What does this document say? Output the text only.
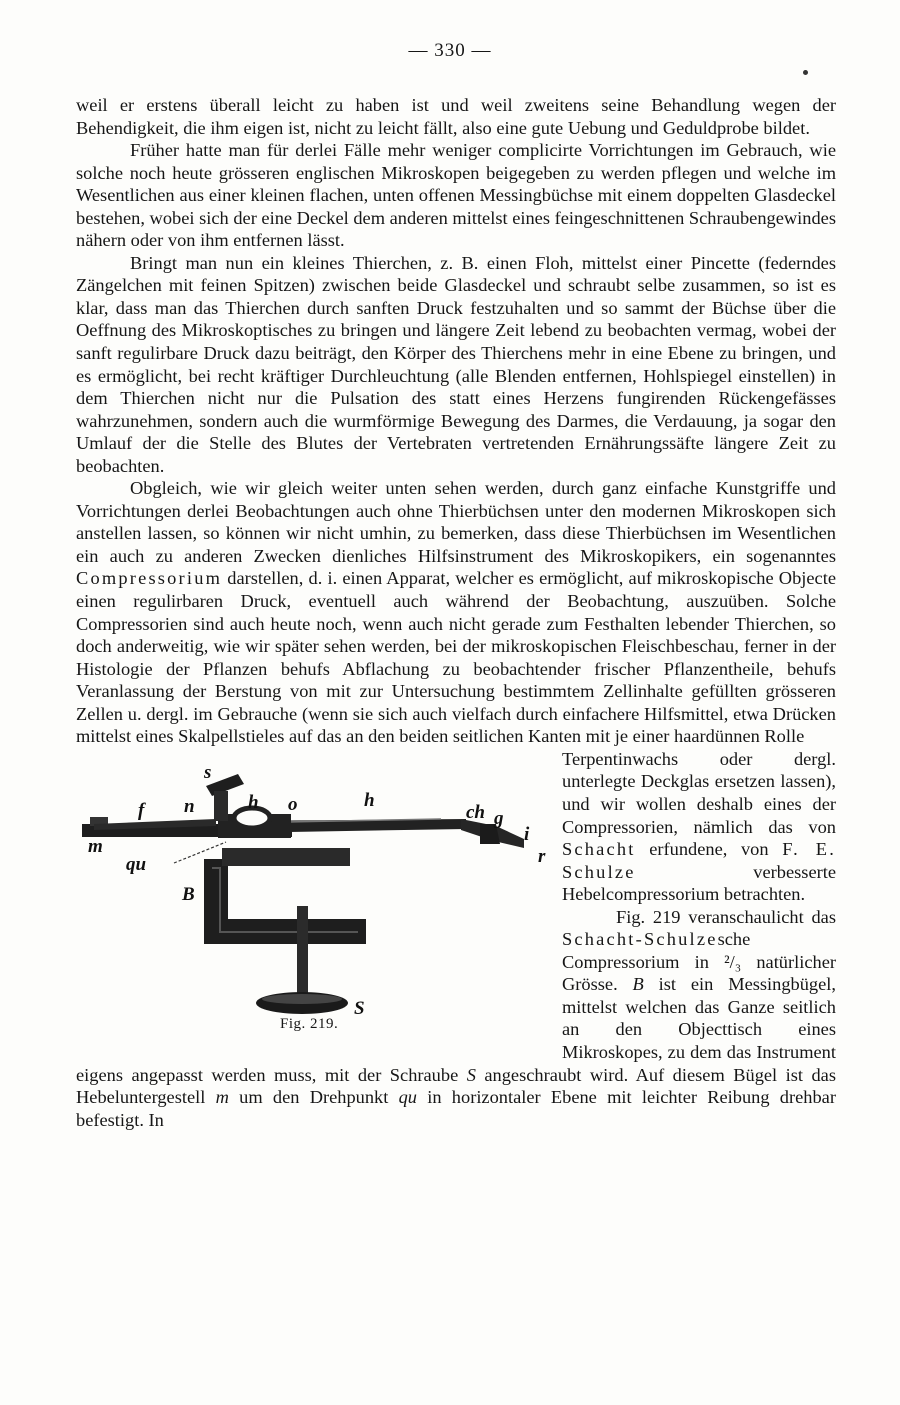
— 330 —

weil er erstens überall leicht zu haben ist und weil zweitens seine Behandlung wegen der Behendigkeit, die ihm eigen ist, nicht zu leicht fällt, also eine gute Uebung und Geduldprobe bildet.

Früher hatte man für derlei Fälle mehr weniger complicirte Vorrichtungen im Gebrauch, wie solche noch heute grösseren englischen Mikroskopen beigegeben zu werden pflegen und welche im Wesentlichen aus einer kleinen flachen, unten offenen Messingbüchse mit einem doppelten Glasdeckel bestehen, wobei sich der eine Deckel dem anderen mittelst eines feingeschnittenen Schraubengewindes nähern oder von ihm entfernen lässt.

Bringt man nun ein kleines Thierchen, z. B. einen Floh, mittelst einer Pincette (federndes Zängelchen mit feinen Spitzen) zwischen beide Glasdeckel und schraubt selbe zusammen, so ist es klar, dass man das Thierchen durch sanften Druck festzuhalten und so sammt der Büchse über die Oeffnung des Mikroskoptisches zu bringen und längere Zeit lebend zu beobachten vermag, wobei der sanft regulirbare Druck dazu beiträgt, den Körper des Thierchens mehr in eine Ebene zu bringen, und es ermöglicht, bei recht kräftiger Durchleuchtung (alle Blenden entfernen, Hohlspiegel einstellen) in dem Thierchen nicht nur die Pulsation des statt eines Herzens fungirenden Rückengefässes wahrzunehmen, sondern auch die wurmförmige Bewegung des Darmes, die Verdauung, ja sogar den Umlauf der die Stelle des Blutes der Vertebraten vertretenden Ernährungssäfte längere Zeit zu beobachten.

Obgleich, wie wir gleich weiter unten sehen werden, durch ganz einfache Kunstgriffe und Vorrichtungen derlei Beobachtungen auch ohne Thierbüchsen unter den modernen Mikroskopen sich anstellen lassen, so können wir nicht umhin, zu bemerken, dass diese Thierbüchsen im Wesentlichen ein auch zu anderen Zwecken dienliches Hilfsinstrument des Mikroskopikers, ein sogenanntes Compressorium darstellen, d. i. einen Apparat, welcher es ermöglicht, auf mikroskopische Objecte einen regulirbaren Druck, eventuell auch während der Beobachtung, auszuüben. Solche Compressorien sind auch heute noch, wenn auch nicht gerade zum Festhalten lebender Thierchen, so doch anderweitig, wie wir später sehen werden, bei der mikroskopischen Fleischbeschau, ferner in der Histologie der Pflanzen behufs Abflachung zu beobachtender frischer Pflanzentheile, behufs Veranlassung der Berstung von mit zur Untersuchung bestimmtem Zellinhalte gefüllten grösseren Zellen u. dergl. im Gebrauche (wenn sie sich auch vielfach durch einfachere Hilfsmittel, etwa Drücken mittelst eines Skalpellstieles auf das an den beiden seitlichen Kanten mit je einer haardünnen Rolle

s
f n	h o	h
ch g
i
m	r
qu
B
S
Fig. 219.

Terpentinwachs oder dergl. unterlegte Deckglas ersetzen lassen), und wir wollen deshalb eines der Compressorien, nämlich das von Schacht erfundene, von F. E. Schulze verbesserte Hebelcompressorium betrachten.

Fig. 219 veranschaulicht das Schacht-Schulzesche Compressorium in ²/₃ natürlicher Grösse. B ist ein Messingbügel, mittelst welchen das Ganze seitlich an den Objecttisch eines Mikroskopes, zu dem das Instrument eigens angepasst werden muss, mit der Schraube S angeschraubt wird. Auf diesem Bügel ist das Hebeluntergestell m um den Drehpunkt qu in horizontaler Ebene mit leichter Reibung drehbar befestigt. In
